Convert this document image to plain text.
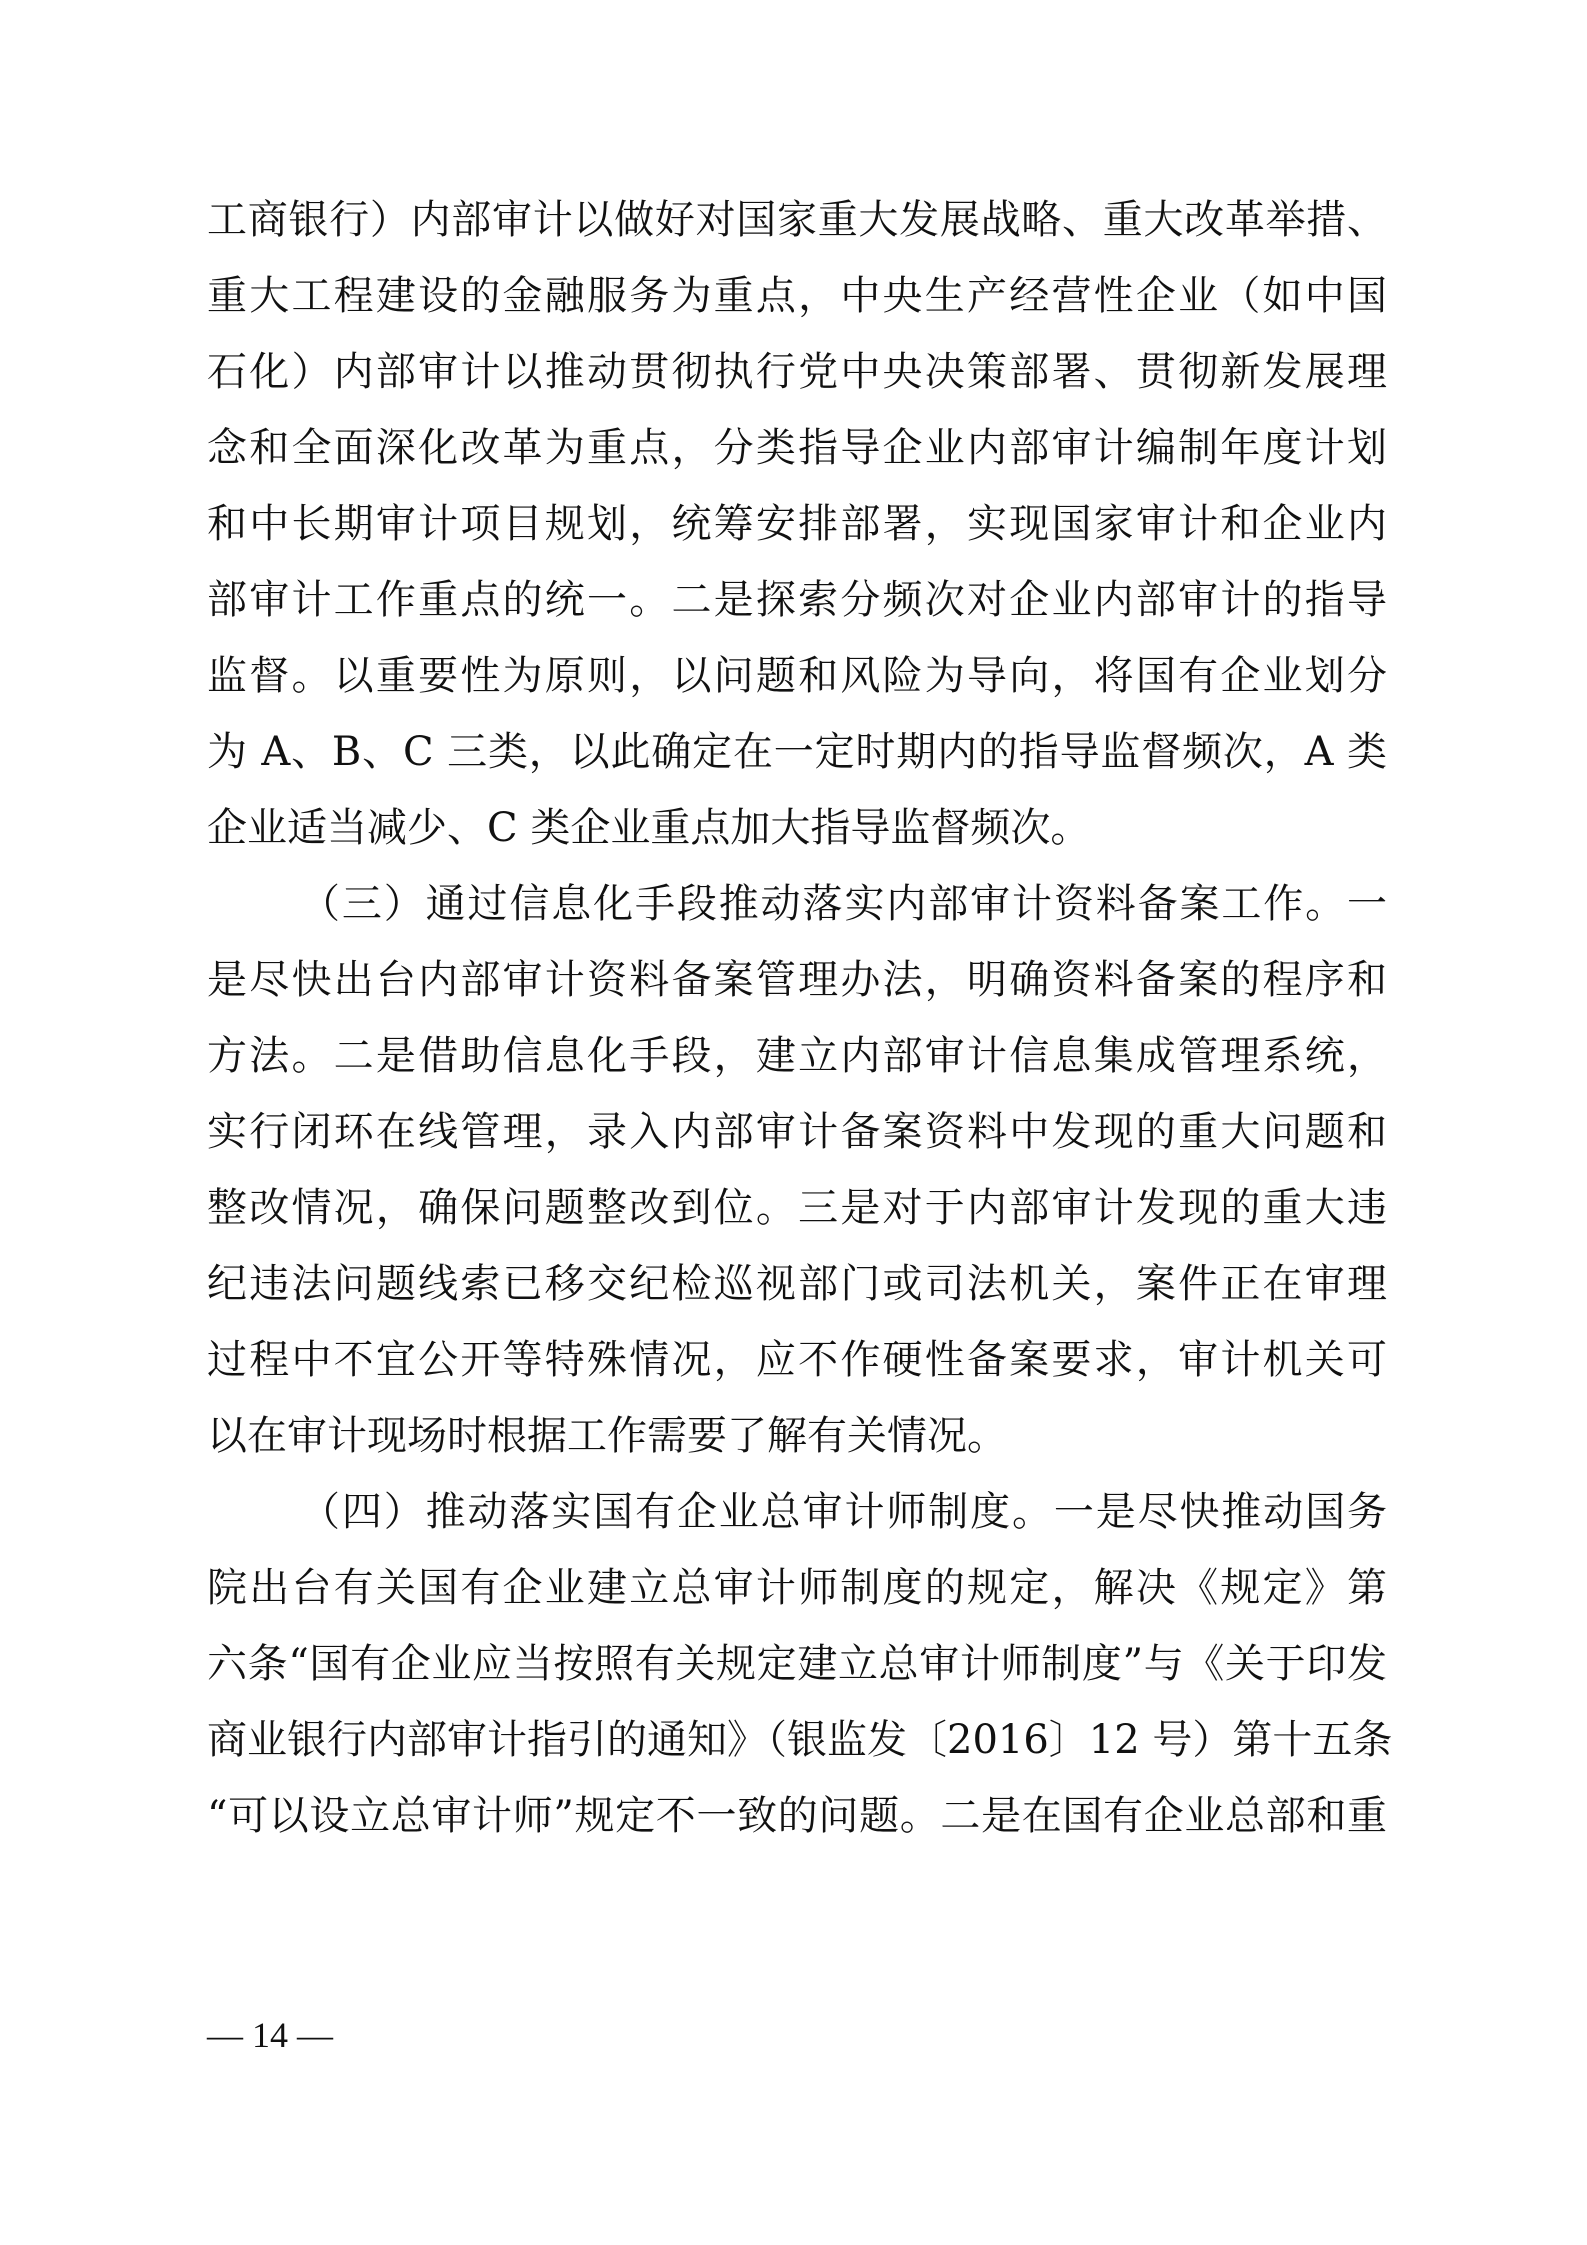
工商银行）内部审计以做好对国家重大发展战略、重大改革举措、
重大工程建设的金融服务为重点，中央生产经营性企业（如中国
石化）内部审计以推动贯彻执行党中央决策部署、贯彻新发展理
念和全面深化改革为重点，分类指导企业内部审计编制年度计划
和中长期审计项目规划，统筹安排部署，实现国家审计和企业内
部审计工作重点的统一。二是探索分频次对企业内部审计的指导
监督。以重要性为原则，以问题和风险为导向，将国有企业划分
为 A、B、C 三类，以此确定在一定时期内的指导监督频次，A 类
企业适当减少、C 类企业重点加大指导监督频次。
（三）通过信息化手段推动落实内部审计资料备案工作。一
是尽快出台内部审计资料备案管理办法，明确资料备案的程序和
方法。二是借助信息化手段，建立内部审计信息集成管理系统，
实行闭环在线管理，录入内部审计备案资料中发现的重大问题和
整改情况，确保问题整改到位。三是对于内部审计发现的重大违
纪违法问题线索已移交纪检巡视部门或司法机关，案件正在审理
过程中不宜公开等特殊情况，应不作硬性备案要求，审计机关可
以在审计现场时根据工作需要了解有关情况。
（四）推动落实国有企业总审计师制度。一是尽快推动国务
院出台有关国有企业建立总审计师制度的规定，解决《规定》第
六条“国有企业应当按照有关规定建立总审计师制度”与《关于印发
商业银行内部审计指引的通知》（银监发〔2016〕12 号）第十五条
“可以设立总审计师”规定不一致的问题。二是在国有企业总部和重
— 14 —
